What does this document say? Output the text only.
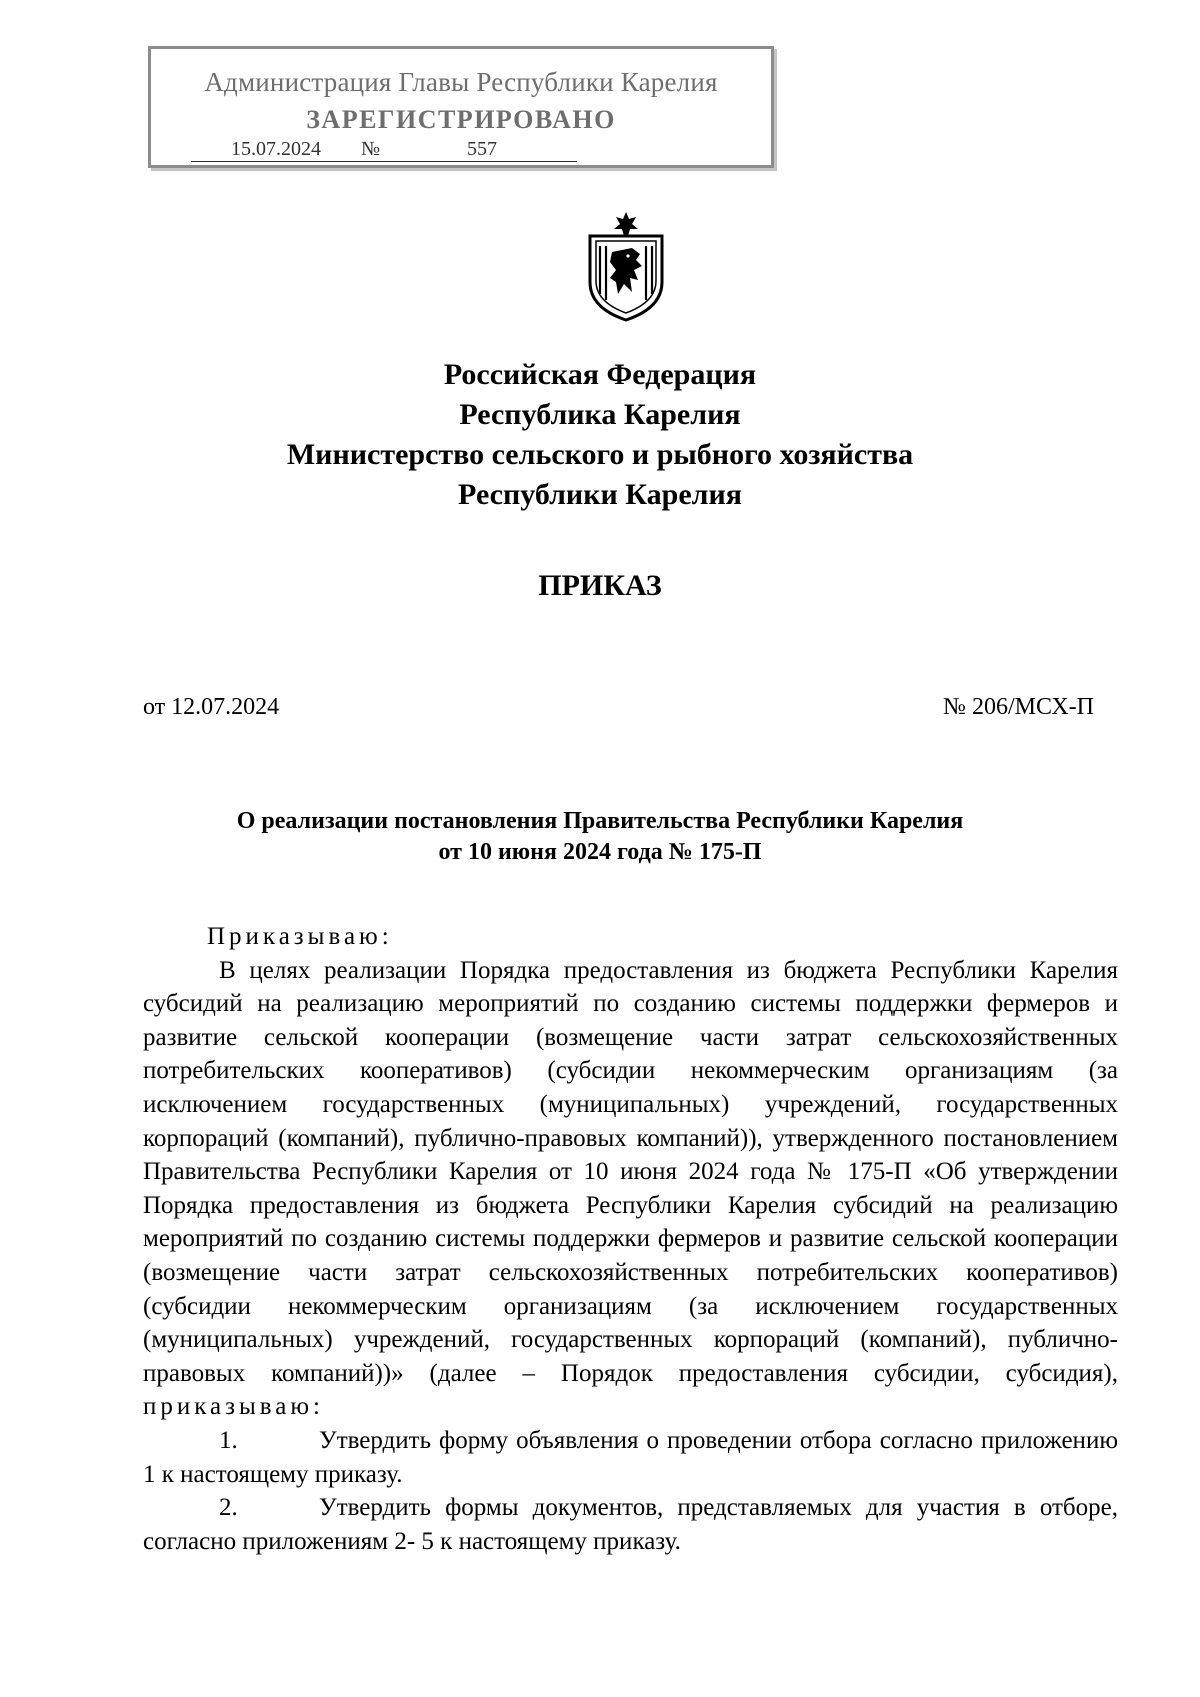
Администрация Главы Республики Карелия
ЗАРЕГИСТРИРОВАНО
15.07.2024 №	557
Российская Федерация
Республика Карелия
Министерство сельского и рыбного хозяйства
Республики Карелия
ПРИКАЗ
от 12.07.2024	№ 206/МСХ-П
О реализации постановления Правительства Республики Карелия
от 10 июня 2024 года № 175-П

Приказываю:

В целях реализации Порядка предоставления из бюджета Республики Карелия субсидий на реализацию мероприятий по созданию системы поддержки фермеров и развитие сельской кооперации (возмещение части затрат сельскохозяйственных потребительских кооперативов) (субсидии некоммерческим организациям (за исключением государственных (муниципальных) учреждений, государственных корпораций (компаний), публично-правовых компаний)), утвержденного постановлением Правительства Республики Карелия от 10 июня 2024 года № 175-П «Об утверждении Порядка предоставления из бюджета Республики Карелия субсидий на реализацию мероприятий по созданию системы поддержки фермеров и развитие сельской кооперации (возмещение части затрат сельскохозяйственных потребительских кооперативов) (субсидии некоммерческим организациям (за исключением государственных (муниципальных) учреждений, государственных корпораций (компаний), публично-правовых компаний))» (далее – Порядок предоставления субсидии, субсидия), приказываю:

1.	Утвердить форму объявления о проведении отбора согласно приложению 1 к настоящему приказу.

2.	Утвердить формы документов, представляемых для участия в отборе, согласно приложениям 2- 5 к настоящему приказу.
